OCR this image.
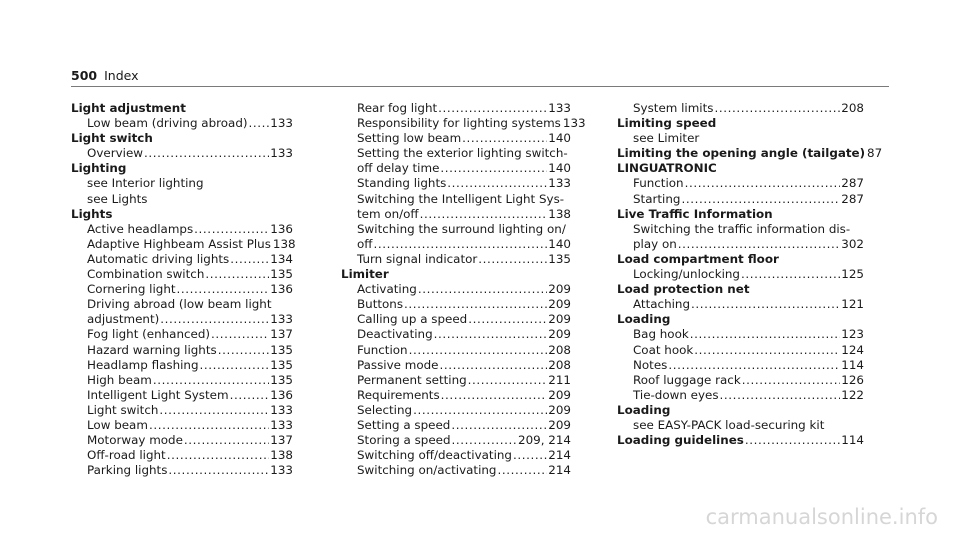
500 Index
Light adjustment
Low beam (driving abroad) ..... 133
Light switch
Overview .....	133
Lighting
see Interior lighting
see Lights
Lights
Active headlamps .....	136
Adaptive Highbeam Assist Plus 138
Automatic driving lights .....	134
Combination switch .....	135
Cornering light .....	136
Driving abroad (low beam light
adjustment) .....	133
Fog light (enhanced) .....	137
Hazard warning lights .....	135
Headlamp flashing .....	135
High beam .....	135
Intelligent Light System .....	136
Light switch .....	133
Low beam .....	133
Motorway mode .....	137
Off-road light .....	138
Parking lights .....	133
Rear fog light .....	133
Responsibility for lighting systems 133
Setting low beam .....	140
Setting the exterior lighting switch-
off delay time .....	140
Standing lights .....	133
Switching the Intelligent Light Sys-
tem on/off .....	138
Switching the surround lighting on/
off .....	140
Turn signal indicator .....	135
Limiter
Activating .....	209
Buttons .....	209
Calling up a speed .....	209
Deactivating .....	209
Function .....	208
Passive mode .....	208
Permanent setting .....	211
Requirements .....	209
Selecting .....	209
Setting a speed .....	209
Storing a speed .....	209, 214
Switching off/deactivating .....	214
Switching on/activating .....	214
System limits .....	208
Limiting speed
see Limiter
Limiting the opening angle (tailgate) 87
LINGUATRONIC
Function .....	287
Starting .....	287
Live Traffic Information
Switching the traffic information dis-
play on .....	302
Load compartment floor
Locking/unlocking .....	125
Load protection net
Attaching .....	121
Loading
Bag hook .....	123
Coat hook .....	124
Notes .....	114
Roof luggage rack .....	126
Tie-down eyes .....	122
Loading
see EASY-PACK load-securing kit
Loading guidelines .....	114
carmanualsonline.info
